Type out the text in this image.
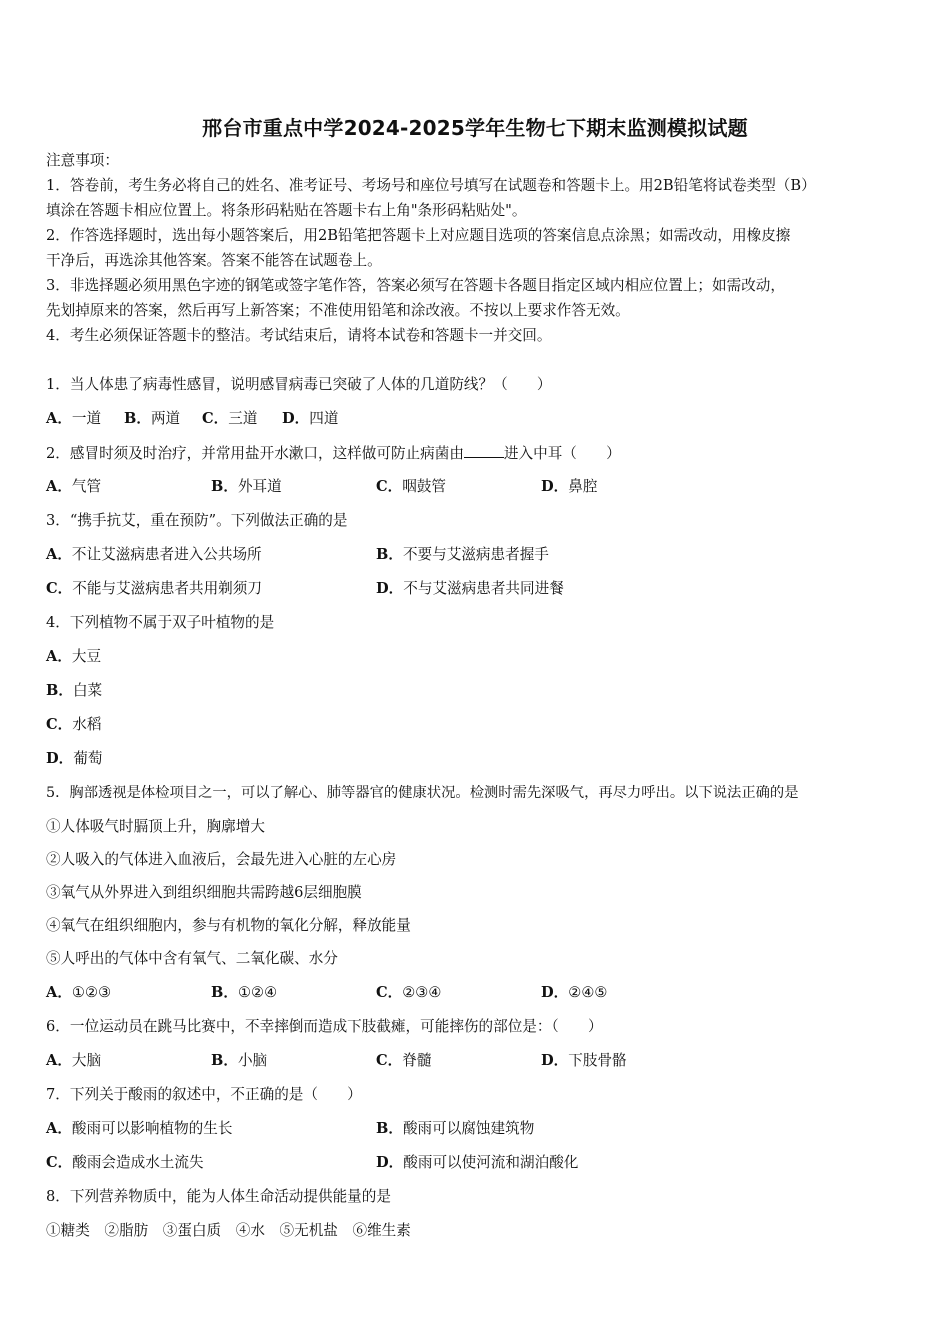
邢台市重点中学2024-2025学年生物七下期末监测模拟试题
注意事项：
1．答卷前，考生务必将自己的姓名、准考证号、考场号和座位号填写在试题卷和答题卡上。用2B铅笔将试卷类型（B）
填涂在答题卡相应位置上。将条形码粘贴在答题卡右上角"条形码粘贴处"。
2．作答选择题时，选出每小题答案后，用2B铅笔把答题卡上对应题目选项的答案信息点涂黑；如需改动，用橡皮擦
干净后，再选涂其他答案。答案不能答在试题卷上。
3．非选择题必须用黑色字迹的钢笔或签字笔作答，答案必须写在答题卡各题目指定区域内相应位置上；如需改动，
先划掉原来的答案，然后再写上新答案；不准使用铅笔和涂改液。不按以上要求作答无效。
4．考生必须保证答题卡的整洁。考试结束后，请将本试卷和答题卡一并交回。
1．当人体患了病毒性感冒，说明感冒病毒已突破了人体的几道防线？（　　）
A．一道 B．两道 C．三道 D．四道
2．感冒时须及时治疗，并常用盐开水漱口，这样做可防止病菌由	进入中耳（　　）
A．气管	B．外耳道	C．咽鼓管	D．鼻腔
3．“携手抗艾，重在预防”。下列做法正确的是
A．不让艾滋病患者进入公共场所	B．不要与艾滋病患者握手
C．不能与艾滋病患者共用剃须刀	D．不与艾滋病患者共同进餐
4．下列植物不属于双子叶植物的是
A．大豆
B．白菜
C．水稻
D．葡萄
5．胸部透视是体检项目之一，可以了解心、肺等器官的健康状况。检测时需先深吸气，再尽力呼出。以下说法正确的是
①人体吸气时膈顶上升，胸廓增大
②人吸入的气体进入血液后，会最先进入心脏的左心房
③氧气从外界进入到组织细胞共需跨越6层细胞膜
④氧气在组织细胞内，参与有机物的氧化分解，释放能量
⑤人呼出的气体中含有氧气、二氧化碳、水分
A．①②③	B．①②④	C．②③④	D．②④⑤
6．一位运动员在跳马比赛中，不幸摔倒而造成下肢截瘫，可能摔伤的部位是：（　　）
A．大脑	B．小脑	C．脊髓	D．下肢骨骼
7．下列关于酸雨的叙述中，不正确的是（　　）
A．酸雨可以影响植物的生长	B．酸雨可以腐蚀建筑物
C．酸雨会造成水土流失	D．酸雨可以使河流和湖泊酸化
8．下列营养物质中，能为人体生命活动提供能量的是
①糖类　②脂肪　③蛋白质　④水　⑤无机盐　⑥维生素
